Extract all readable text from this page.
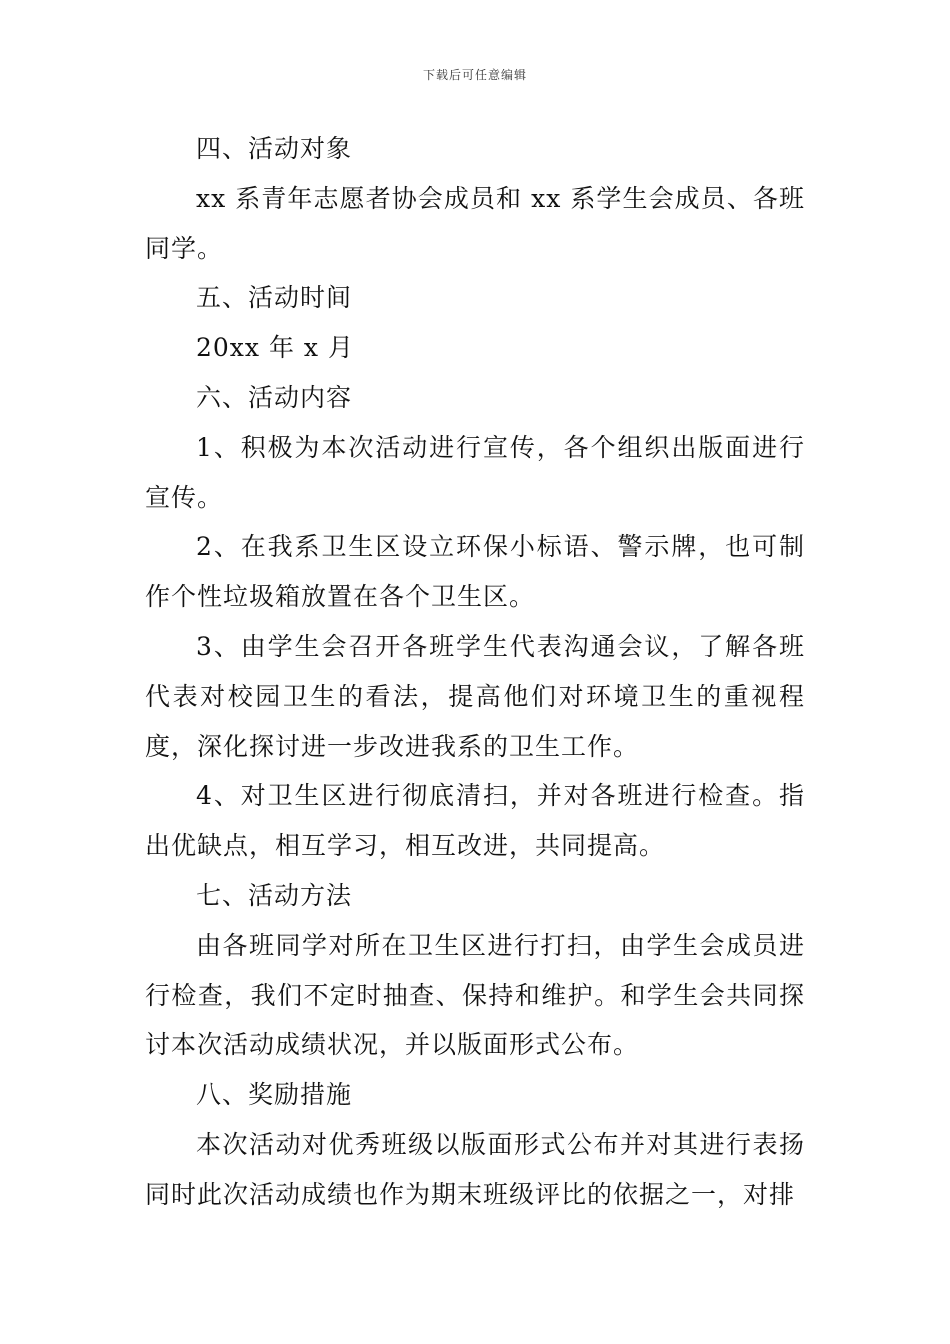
下载后可任意编辑

四、活动对象

xx 系青年志愿者协会成员和 xx 系学生会成员、各班同学。

五、活动时间

20xx 年 x 月

六、活动内容

1、积极为本次活动进行宣传，各个组织出版面进行宣传。

2、在我系卫生区设立环保小标语、警示牌，也可制作个性垃圾箱放置在各个卫生区。

3、由学生会召开各班学生代表沟通会议，了解各班代表对校园卫生的看法，提高他们对环境卫生的重视程度，深化探讨进一步改进我系的卫生工作。

4、对卫生区进行彻底清扫，并对各班进行检查。指出优缺点，相互学习，相互改进，共同提高。

七、活动方法

由各班同学对所在卫生区进行打扫，由学生会成员进行检查，我们不定时抽查、保持和维护。和学生会共同探讨本次活动成绩状况，并以版面形式公布。

八、奖励措施

本次活动对优秀班级以版面形式公布并对其进行表扬同时此次活动成绩也作为期末班级评比的依据之一，对排
